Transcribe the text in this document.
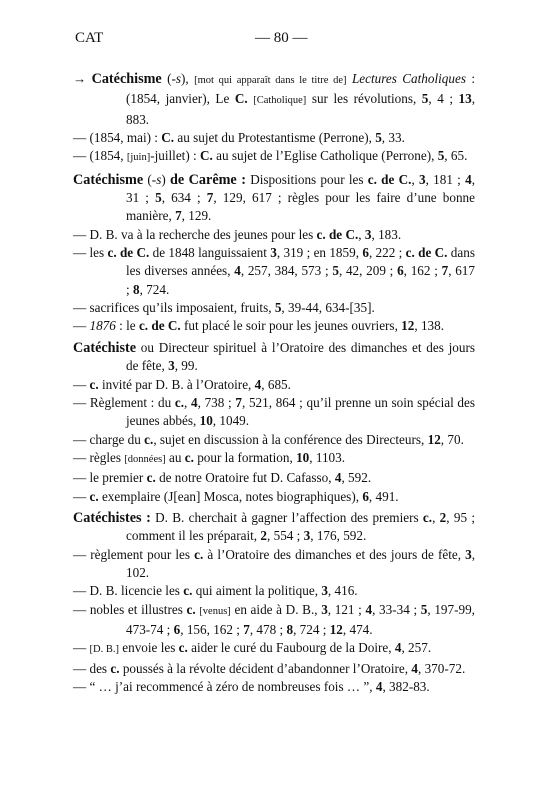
CAT	— 80 —
→ Catéchisme (-s), [mot qui apparaît dans le titre de] Lectures Catholiques : (1854, janvier), Le C. [Catholique] sur les révolutions, 5, 4 ; 13, 883.
— (1854, mai) : C. au sujet du Protestantisme (Perrone), 5, 33.
— (1854, [juin]-juillet) : C. au sujet de l’Eglise Catholique (Perrone), 5, 65.
Catéchisme (-s) de Carême : Dispositions pour les c. de C., 3, 181 ; 4, 31 ; 5, 634 ; 7, 129, 617 ; règles pour les faire d’une bonne manière, 7, 129.
— D. B. va à la recherche des jeunes pour les c. de C., 3, 183.
— les c. de C. de 1848 languissaient 3, 319 ; en 1859, 6, 222 ; c. de C. dans les diverses années, 4, 257, 384, 573 ; 5, 42, 209 ; 6, 162 ; 7, 617 ; 8, 724.
— sacrifices qu’ils imposaient, fruits, 5, 39-44, 634-[35].
— 1876 : le c. de C. fut placé le soir pour les jeunes ouvriers, 12, 138.
Catéchiste ou Directeur spirituel à l’Oratoire des dimanches et des jours de fête, 3, 99.
— c. invité par D. B. à l’Oratoire, 4, 685.
— Règlement : du c., 4, 738 ; 7, 521, 864 ; qu’il prenne un soin spécial des jeunes abbés, 10, 1049.
— charge du c., sujet en discussion à la conférence des Directeurs, 12, 70.
— règles [données] au c. pour la formation, 10, 1103.
— le premier c. de notre Oratoire fut D. Cafasso, 4, 592.
— c. exemplaire (J[ean] Mosca, notes biographiques), 6, 491.
Catéchistes : D. B. cherchait à gagner l’affection des premiers c., 2, 95 ; comment il les préparait, 2, 554 ; 3, 176, 592.
— règlement pour les c. à l’Oratoire des dimanches et des jours de fête, 3, 102.
— D. B. licencie les c. qui aiment la politique, 3, 416.
— nobles et illustres c. [venus] en aide à D. B., 3, 121 ; 4, 33-34 ; 5, 197-99, 473-74 ; 6, 156, 162 ; 7, 478 ; 8, 724 ; 12, 474.
— [D. B.] envoie les c. aider le curé du Faubourg de la Doire, 4, 257.
— des c. poussés à la révolte décident d’abandonner l’Oratoire, 4, 370-72.
— “ … j’ai recommencé à zéro de nombreuses fois … ”, 4, 382-83.
